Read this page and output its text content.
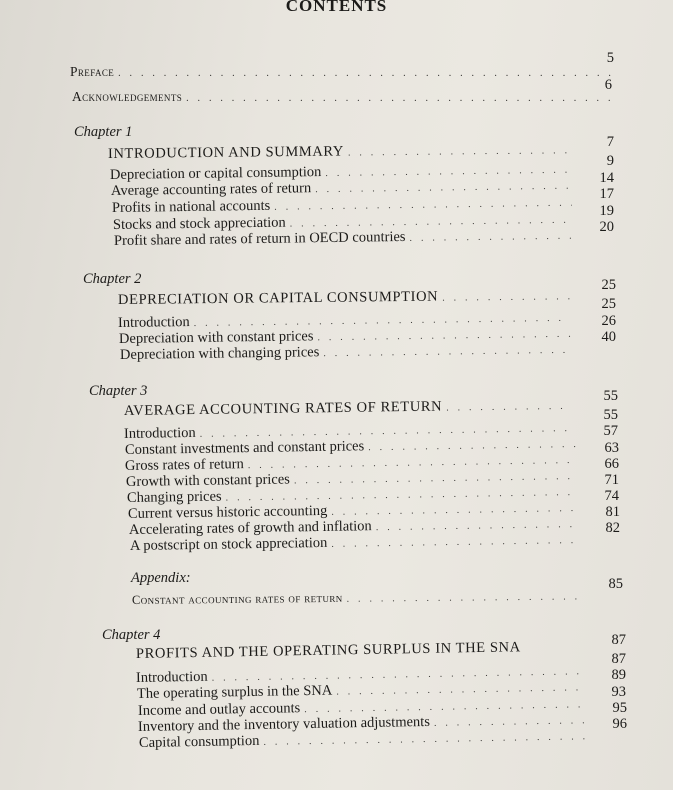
CONTENTS
Preface
. . .
5
Acknowledgements
. . .
6
Chapter 1
INTRODUCTION AND SUMMARY
. . .
7
Depreciation or capital consumption
. . .
9
Average accounting rates of return
. . .
14
Profits in national accounts
. . .
17
Stocks and stock appreciation
. . .
19
Profit share and rates of return in OECD countries
. . .
20
Chapter 2
DEPRECIATION OR CAPITAL CONSUMPTION
. . .
25
Introduction
. . .
25
Depreciation with constant prices
. . .
26
Depreciation with changing prices
. . .
40
Chapter 3
AVERAGE ACCOUNTING RATES OF RETURN
. . .
55
Introduction
. . .
55
Constant investments and constant prices
. . .
57
Gross rates of return
. . .
63
Growth with constant prices
. . .
66
Changing prices
. . .
71
Current versus historic accounting
. . .
74
Accelerating rates of growth and inflation
. . .
81
A postscript on stock appreciation
. . .
82
Appendix:
Constant accounting rates of return
. . .
85
Chapter 4
PROFITS AND THE OPERATING SURPLUS IN THE SNA	87
Introduction
. . .
87
The operating surplus in the SNA
. . .
89
Income and outlay accounts
. . .
93
Inventory and the inventory valuation adjustments
. . .
95
Capital consumption
. . .
96
